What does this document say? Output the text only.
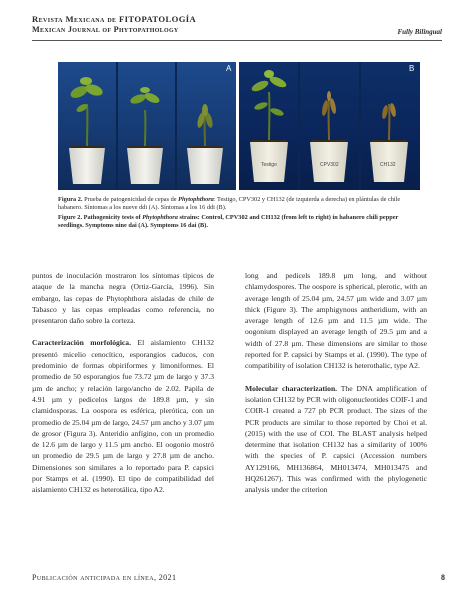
Revista Mexicana de FITOPATOLOGÍA
Mexican Journal of Phytopathology	Fully Bilingual
A
Testigo	CPV302	CH132
B
Figura 2. Prueba de patogenicidad de cepas de Phytophthora: Testigo, CPV302 y CH132 (de izquierda a derecha) en plántulas de chile habanero. Síntomas a los nueve ddi (A). Síntomas a los 16 ddi (B).
Figure 2. Pathogenicity tests of Phytophthora strains: Control, CPV302 and CH132 (from left to right) in habanero chili pepper seedlings. Symptoms nine dai (A). Symptoms 16 dai (B).

puntos de inoculación mostraron los síntomas típicos de ataque de la mancha negra (Ortiz-García, 1996). Sin embargo, las cepas de Phytophthora aisladas de chile de Tabasco y las cepas empleadas como referencia, no presentaron daño sobre la corteza.

Caracterización morfológica. El aislamiento CH132 presentó micelio cenocítico, esporangios caducos, con predominio de formas obpiriformes y limoniformes. El promedio de 50 esporangios fue 73.72 µm de largo y 37.3 µm de ancho; y relación largo/ancho de 2.02. Papila de 4.91 µm y pedicelos largos de 189.8 µm, y sin clamidosporas. La oospora es esférica, plerótica, con un promedio de 25.04 µm de largo, 24.57 µm ancho y 3.07 µm de grosor (Figura 3). Anteridio anfígino, con un promedio de 12.6 µm de largo y 11.5 µm ancho. El oogonio mostró un promedio de 29.5 µm de largo y 27.8 µm de ancho. Dimensiones son similares a lo reportado para P. capsici por Stamps et al. (1990). El tipo de compatibilidad del aislamiento CH132 es heterotálica, tipo A2.

long and pedicels 189.8 µm long, and without chlamydospores. The oospore is spherical, plerotic, with an average length of 25.04 µm, 24.57 µm wide and 3.07 µm thick (Figure 3). The amphigynous antheridium, with an average length of 12.6 µm and 11.5 µm wide. The oogonium displayed an average length of 29.5 µm and a width of 27.8 µm. These dimensions are similar to those reported for P. capsici by Stamps et al. (1990). The type of compatibility of isolation CH132 is heterothalic, type A2.

Molecular characterization. The DNA amplification of isolation CH132 by PCR with oligonucleotides COIF-1 and COIR-1 created a 727 pb PCR product. The sizes of the PCR products are similar to those reported by Choi et al. (2015) with the use of COI. The BLAST analysis helped determine that isolation CH132 has a similarity of 100% with the species of P. capsici (Accession numbers AY129166, MH136864, MH013474, MH013475 and HQ261267). This was confirmed with the phylogenetic analysis under the criterion

Publicación anticipada en línea, 2021	8
